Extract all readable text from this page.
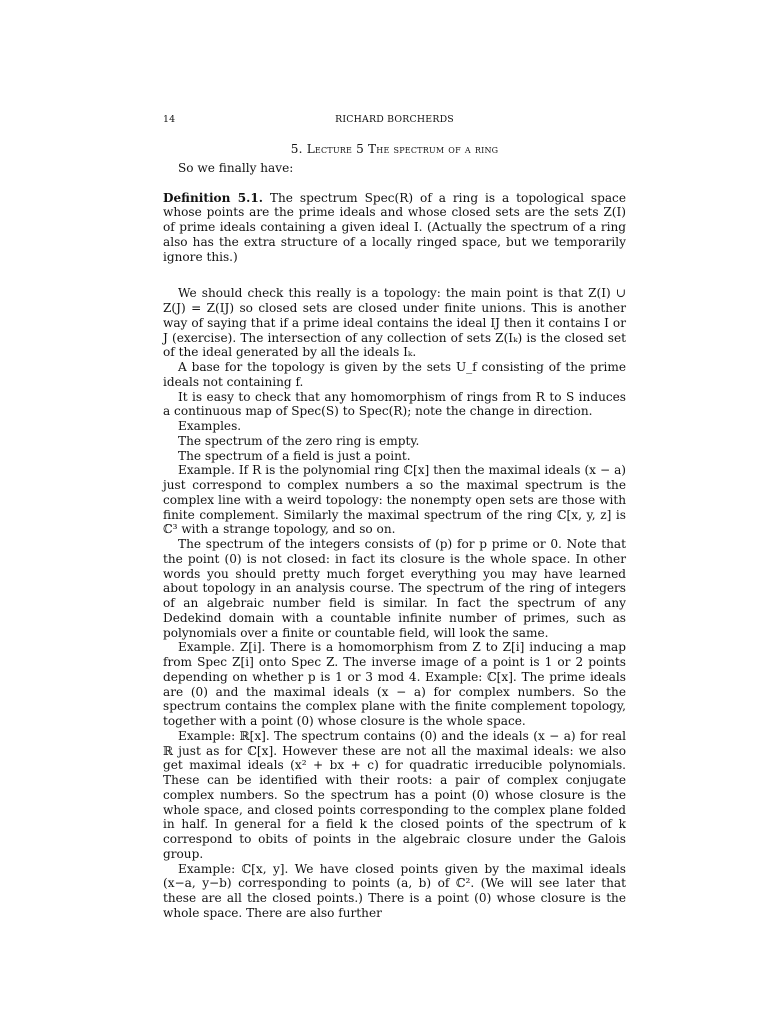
14	RICHARD BORCHERDS
5. Lecture 5 The spectrum of a ring

So we finally have:

Definition 5.1. The spectrum Spec(R) of a ring is a topological space whose points are the prime ideals and whose closed sets are the sets Z(I) of prime ideals containing a given ideal I. (Actually the spectrum of a ring also has the extra structure of a locally ringed space, but we temporarily ignore this.)

We should check this really is a topology: the main point is that Z(I) ∪ Z(J) = Z(IJ) so closed sets are closed under finite unions. This is another way of saying that if a prime ideal contains the ideal IJ then it contains I or J (exercise). The intersection of any collection of sets Z(Iₖ) is the closed set of the ideal generated by all the ideals Iₖ.

A base for the topology is given by the sets U_f consisting of the prime ideals not containing f.

It is easy to check that any homomorphism of rings from R to S induces a continuous map of Spec(S) to Spec(R); note the change in direction.

Examples.

The spectrum of the zero ring is empty.

The spectrum of a field is just a point.

Example. If R is the polynomial ring ℂ[x] then the maximal ideals (x − a) just correspond to complex numbers a so the maximal spectrum is the complex line with a weird topology: the nonempty open sets are those with finite complement. Similarly the maximal spectrum of the ring ℂ[x, y, z] is ℂ³ with a strange topology, and so on.

The spectrum of the integers consists of (p) for p prime or 0. Note that the point (0) is not closed: in fact its closure is the whole space. In other words you should pretty much forget everything you may have learned about topology in an analysis course. The spectrum of the ring of integers of an algebraic number field is similar. In fact the spectrum of any Dedekind domain with a countable infinite number of primes, such as polynomials over a finite or countable field, will look the same.

Example. Z[i]. There is a homomorphism from Z to Z[i] inducing a map from Spec Z[i] onto Spec Z. The inverse image of a point is 1 or 2 points depending on whether p is 1 or 3 mod 4. Example: ℂ[x]. The prime ideals are (0) and the maximal ideals (x − a) for complex numbers. So the spectrum contains the complex plane with the finite complement topology, together with a point (0) whose closure is the whole space.

Example: ℝ[x]. The spectrum contains (0) and the ideals (x − a) for real ℝ just as for ℂ[x]. However these are not all the maximal ideals: we also get maximal ideals (x² + bx + c) for quadratic irreducible polynomials. These can be identified with their roots: a pair of complex conjugate complex numbers. So the spectrum has a point (0) whose closure is the whole space, and closed points corresponding to the complex plane folded in half. In general for a field k the closed points of the spectrum of k correspond to obits of points in the algebraic closure under the Galois group.

Example: ℂ[x, y]. We have closed points given by the maximal ideals (x−a, y−b) corresponding to points (a, b) of ℂ². (We will see later that these are all the closed points.) There is a point (0) whose closure is the whole space. There are also further
